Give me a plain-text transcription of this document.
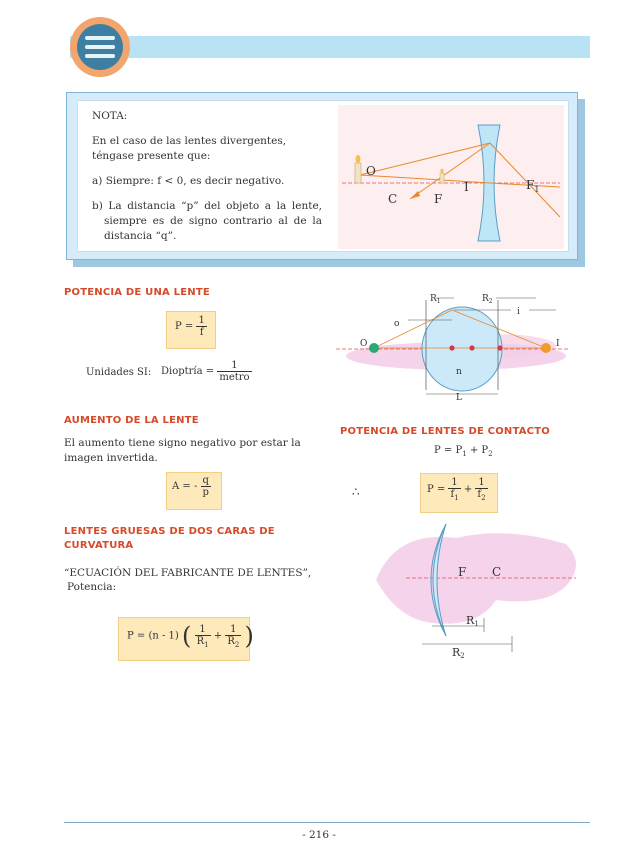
NOTA:

En el caso de las lentes divergentes, téngase presente que:

a) Siempre: f < 0, es decir negativo.

b) La distancia “p” del objeto a la lente, siempre es de signo contrario al de la distancia “q”.

O
C	F
I	$F_1$
POTENCIA DE UNA LENTE
$P = \frac{1}{f}$
Unidades SI: Dioptría = $\frac{1}{\text{metro}}$
AUMENTO DE LA LENTE
El aumento tiene signo negativo por estar la imagen invertida.
A = - $\frac{q}{p}$
LENTES GRUESAS DE DOS CARAS DE
CURVATURA
“ECUACIÓN DEL FABRICANTE DE LENTES”,
Potencia:
P = (n - 1) ( $\frac{1}{R_1} + \frac{1}{R_2}$ )
$R_1$	$R_2$
i
o
O	I
n
L
POTENCIA DE LENTES DE CONTACTO
$P = P_1 + P_2$
∴	$P = \frac{1}{f_1} + \frac{1}{f_2}$
F C
R1
R2
- 216 -
